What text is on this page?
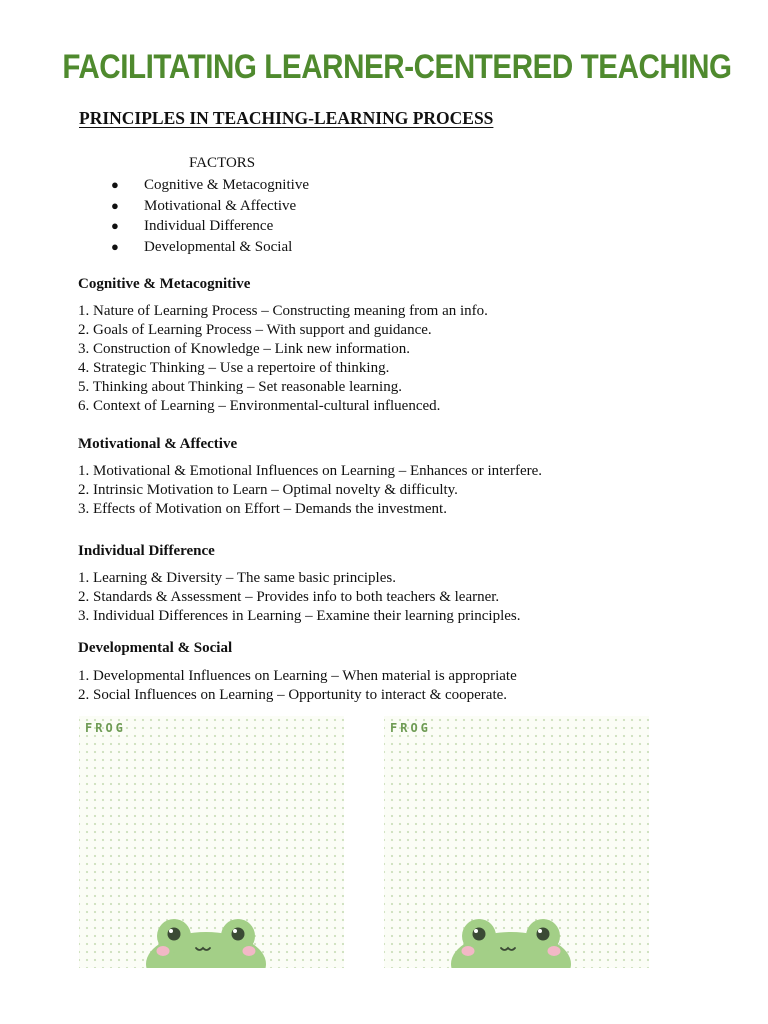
FACILITATING LEARNER-CENTERED TEACHING
PRINCIPLES IN TEACHING-LEARNING PROCESS
FACTORS
● Cognitive & Metacognitive
● Motivational & Affective
● Individual Difference
● Developmental & Social
Cognitive & Metacognitive
1. Nature of Learning Process – Constructing meaning from an info.
2. Goals of Learning Process – With support and guidance.
3. Construction of Knowledge – Link new information.
4. Strategic Thinking – Use a repertoire of thinking.
5. Thinking about Thinking – Set reasonable learning.
6. Context of Learning – Environmental-cultural influenced.
Motivational & Affective
1. Motivational & Emotional Influences on Learning – Enhances or interfere.
2. Intrinsic Motivation to Learn – Optimal novelty & difficulty.
3. Effects of Motivation on Effort – Demands the investment.
Individual Difference
1. Learning & Diversity – The same basic principles.
2. Standards & Assessment – Provides info to both teachers & learner.
3. Individual Differences in Learning – Examine their learning principles.
Developmental & Social
1. Developmental Influences on Learning – When material is appropriate
2. Social Influences on Learning – Opportunity to interact & cooperate.
FROG	FROG
